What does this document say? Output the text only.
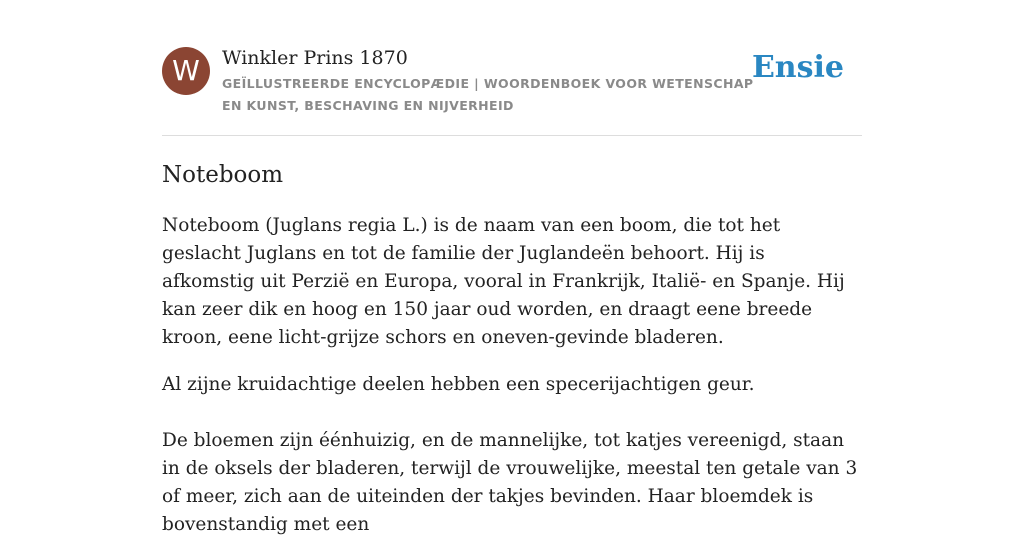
W	Winkler Prins 1870
GEÏLLUSTREERDE ENCYCLOPÆDIE | WOORDENBOEK VOOR WETENSCHAP EN KUNST, BESCHAVING EN NIJVERHEID
Ensie
Noteboom

Noteboom (Juglans regia L.) is de naam van een boom, die tot het geslacht Juglans en tot de familie der Juglandeën behoort. Hij is afkomstig uit Perzië en Europa, vooral in Frankrijk, Italië- en Spanje. Hij kan zeer dik en hoog en 150 jaar oud worden, en draagt eene breede kroon, eene licht-grijze schors en oneven-gevinde bladeren.

Al zijne kruidachtige deelen hebben een specerijachtigen geur.

De bloemen zijn éénhuizig, en de mannelijke, tot katjes vereenigd, staan in de oksels der bladeren, terwijl de vrouwelijke, meestal ten getale van 3 of meer, zich aan de uiteinden der takjes bevinden. Haar bloemdek is bovenstandig met een
